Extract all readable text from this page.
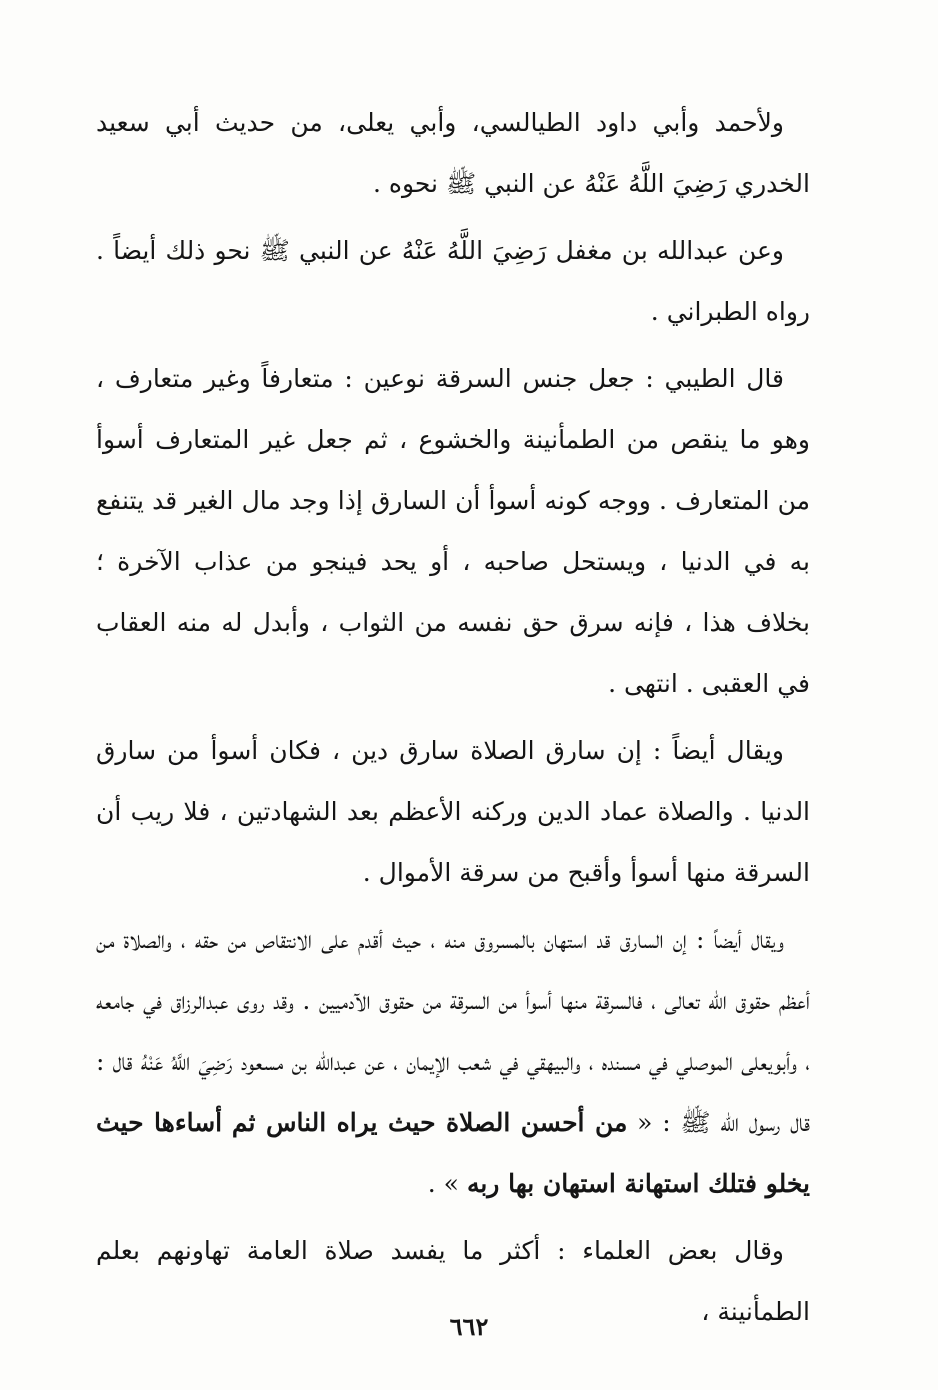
ولأحمد وأبي داود الطيالسي، وأبي يعلى، من حديث أبي سعيد الخدري رَضِيَ اللَّهُ عَنْهُ عن النبي ﷺ نحوه .

وعن عبدالله بن مغفل رَضِيَ اللَّهُ عَنْهُ عن النبي ﷺ نحو ذلك أيضاً . رواه الطبراني .

قال الطيبي : جعل جنس السرقة نوعين : متعارفاً وغير متعارف ، وهو ما ينقص من الطمأنينة والخشوع ، ثم جعل غير المتعارف أسوأ من المتعارف . ووجه كونه أسوأ أن السارق إذا وجد مال الغير قد يتنفع به في الدنيا ، ويستحل صاحبه ، أو يحد فينجو من عذاب الآخرة ؛ بخلاف هذا ، فإنه سرق حق نفسه من الثواب ، وأبدل له منه العقاب في العقبى . انتهى .

ويقال أيضاً : إن سارق الصلاة سارق دين ، فكان أسوأ من سارق الدنيا . والصلاة عماد الدين وركنه الأعظم بعد الشهادتين ، فلا ريب أن السرقة منها أسوأ وأقبح من سرقة الأموال .

ويقال أيضاً : إن السارق قد استهان بالمسروق منه ، حيث أقدم على الانتقاص من حقه ، والصلاة من أعظم حقوق الله تعالى ، فالسرقة منها أسوأ من السرقة من حقوق الآدميين . وقد روى عبدالرزاق في جامعه ، وأبويعلى الموصلي في مسنده ، والبيهقي في شعب الإيمان ، عن عبدالله بن مسعود رَضِيَ اللَّهُ عَنْهُ قال : قال رسول الله ﷺ : « من أحسن الصلاة حيث يراه الناس ثم أساءها حيث يخلو فتلك استهانة استهان بها ربه » .

وقال بعض العلماء : أكثر ما يفسد صلاة العامة تهاونهم بعلم الطمأنينة ،

٦٦٢
